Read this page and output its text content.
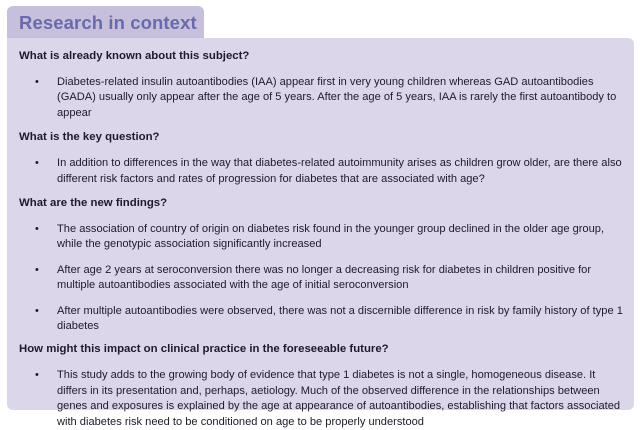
Research in context

What is already known about this subject?

• Diabetes-related insulin autoantibodies (IAA) appear first in very young children whereas GAD autoantibodies (GADA) usually only appear after the age of 5 years. After the age of 5 years, IAA is rarely the first autoantibody to appear

What is the key question?

• In addition to differences in the way that diabetes-related autoimmunity arises as children grow older, are there also different risk factors and rates of progression for diabetes that are associated with age?

What are the new findings?

• The association of country of origin on diabetes risk found in the younger group declined in the older age group, while the genotypic association significantly increased
• After age 2 years at seroconversion there was no longer a decreasing risk for diabetes in children positive for multiple autoantibodies associated with the age of initial seroconversion
• After multiple autoantibodies were observed, there was not a discernible difference in risk by family history of type 1 diabetes

How might this impact on clinical practice in the foreseeable future?

• This study adds to the growing body of evidence that type 1 diabetes is not a single, homogeneous disease. It differs in its presentation and, perhaps, aetiology. Much of the observed difference in the relationships between genes and exposures is explained by the age at appearance of autoantibodies, establishing that factors associated with diabetes risk need to be conditioned on age to be properly understood
